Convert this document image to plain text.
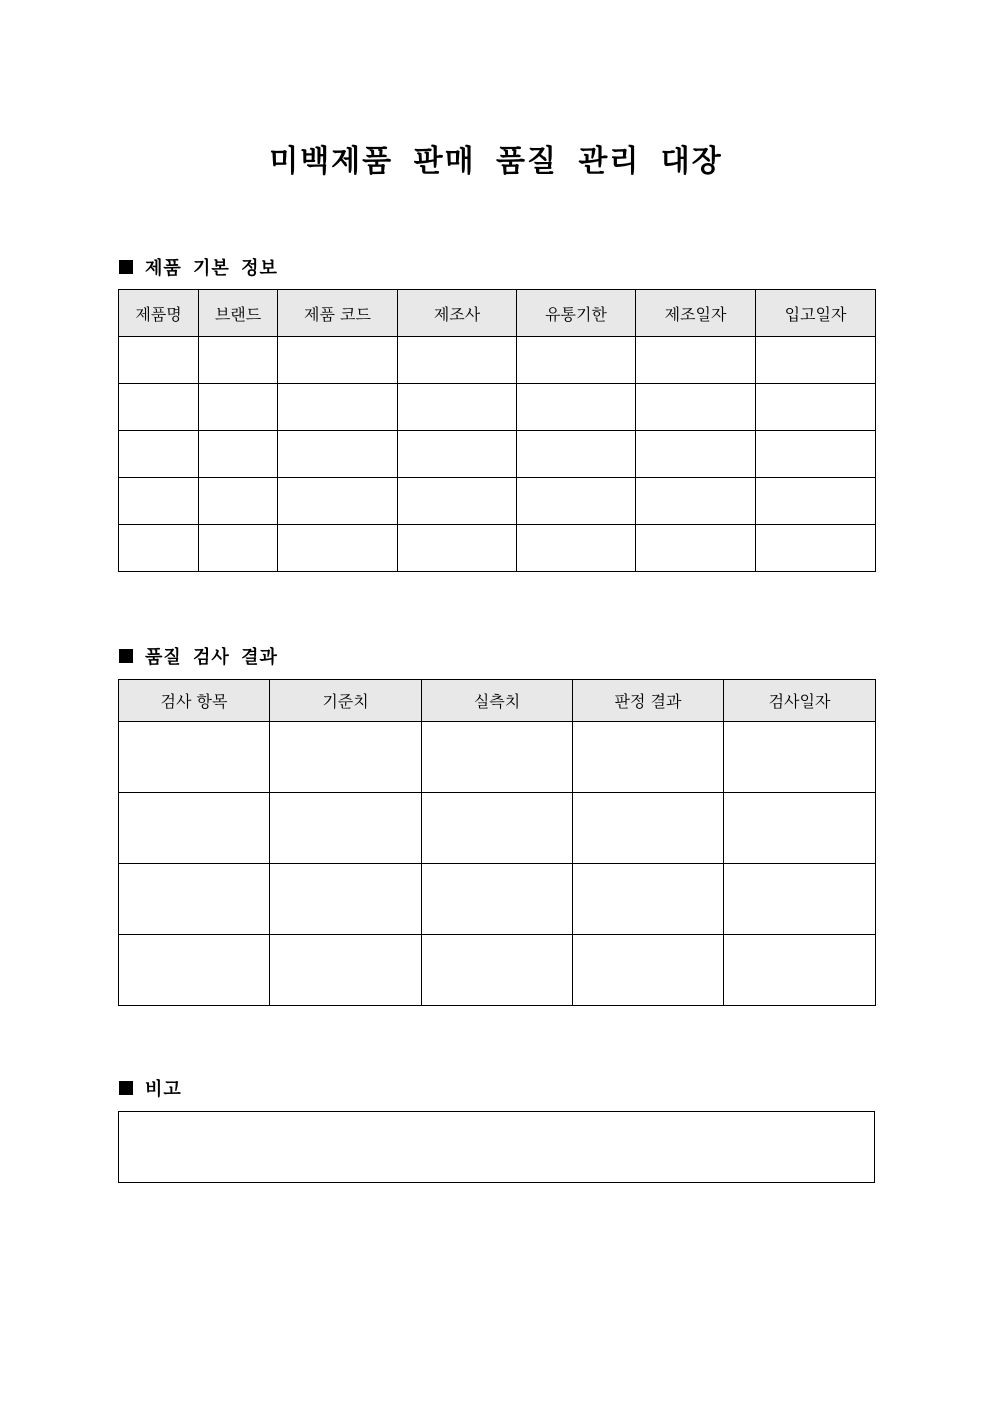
미백제품 판매 품질 관리 대장
제품 기본 정보
제품명	브랜드	제품 코드	제조사	유통기한	제조일자	입고일자

품질 검사 결과
검사 항목	기준치	실측치	판정 결과	검사일자

비고
